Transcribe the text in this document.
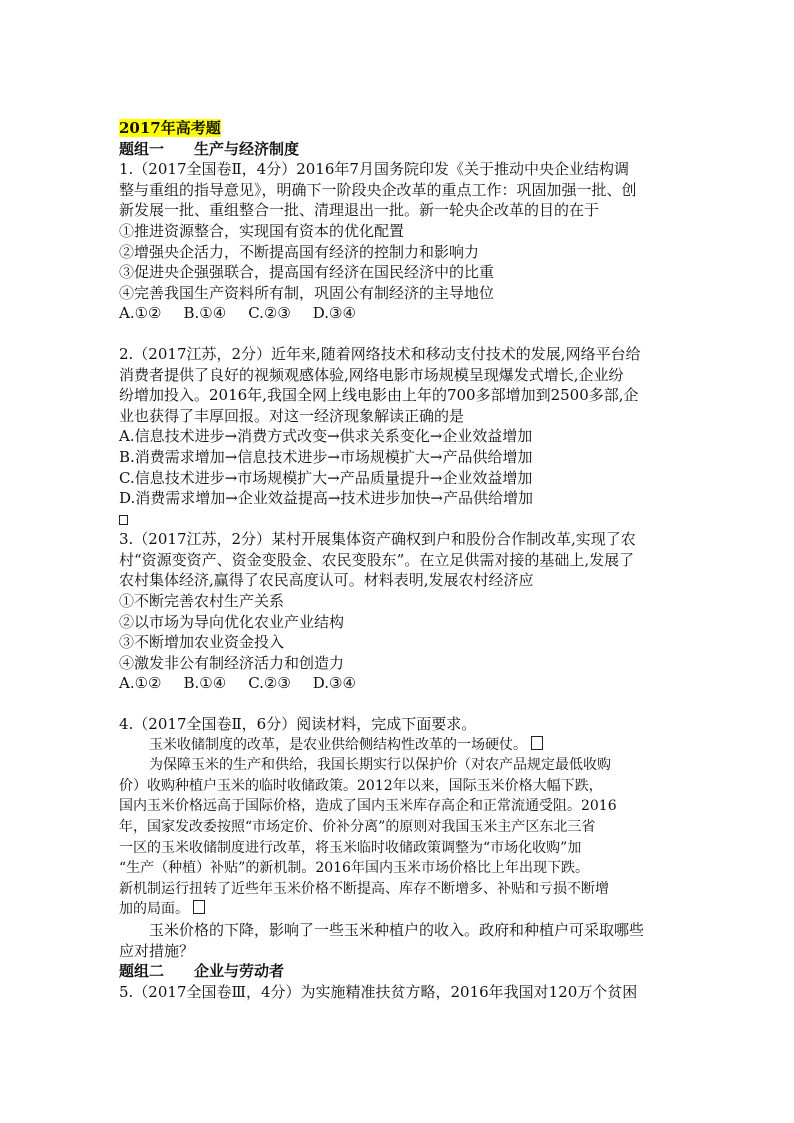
2017年高考题
题组一　　生产与经济制度
1.（2017全国卷Ⅱ，4分）2016年7月国务院印发《关于推动中央企业结构调
整与重组的指导意见》，明确下一阶段央企改革的重点工作：巩固加强一批、创
新发展一批、重组整合一批、清理退出一批。新一轮央企改革的目的在于
①推进资源整合，实现国有资本的优化配置
②增强央企活力，不断提高国有经济的控制力和影响力
③促进央企强强联合，提高国有经济在国民经济中的比重
④完善我国生产资料所有制，巩固公有制经济的主导地位
A.①② B.①④ C.②③ D.③④
2.（2017江苏，2分）近年来,随着网络技术和移动支付技术的发展,网络平台给
消费者提供了良好的视频观感体验,网络电影市场规模呈现爆发式增长,企业纷
纷增加投入。2016年,我国全网上线电影由上年的700多部增加到2500多部,企
业也获得了丰厚回报。对这一经济现象解读正确的是
A.信息技术进步→消费方式改变→供求关系变化→企业效益增加
B.消费需求增加→信息技术进步→市场规模扩大→产品供给增加
C.信息技术进步→市场规模扩大→产品质量提升→企业效益增加
D.消费需求增加→企业效益提高→技术进步加快→产品供给增加
3.（2017江苏，2分）某村开展集体资产确权到户和股份合作制改革,实现了农
村“资源变资产、资金变股金、农民变股东”。在立足供需对接的基础上,发展了
农村集体经济,赢得了农民高度认可。材料表明,发展农村经济应
①不断完善农村生产关系
②以市场为导向优化农业产业结构
③不断增加农业资金投入
④激发非公有制经济活力和创造力
A.①② B.①④ C.②③ D.③④
4.（2017全国卷Ⅱ，6分）阅读材料，完成下面要求。
玉米收储制度的改革，是农业供给侧结构性改革的一场硬仗。
为保障玉米的生产和供给，我国长期实行以保护价（对农产品规定最低收购
价）收购种植户玉米的临时收储政策。2012年以来，国际玉米价格大幅下跌，
国内玉米价格远高于国际价格，造成了国内玉米库存高企和正常流通受阻。2016
年，国家发改委按照“市场定价、价补分离”的原则对我国玉米主产区东北三省
一区的玉米收储制度进行改革，将玉米临时收储政策调整为“市场化收购”加
“生产（种植）补贴”的新机制。2016年国内玉米市场价格比上年出现下跌。
新机制运行扭转了近些年玉米价格不断提高、库存不断增多、补贴和亏损不断增
加的局面。
玉米价格的下降，影响了一些玉米种植户的收入。政府和种植户可采取哪些
应对措施？
题组二　　企业与劳动者
5.（2017全国卷Ⅲ，4分）为实施精准扶贫方略，2016年我国对120万个贫困
